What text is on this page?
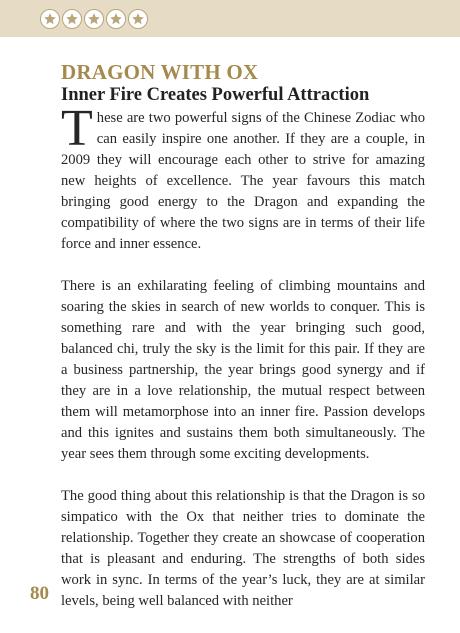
DRAGON WITH OX
Inner Fire Creates Powerful Attraction

These are two powerful signs of the Chinese Zodiac who can easily inspire one another. If they are a couple, in 2009 they will encourage each other to strive for amazing new heights of excellence. The year favours this match bringing good energy to the Dragon and expanding the compatibility of where the two signs are in terms of their life force and inner essence.

There is an exhilarating feeling of climbing mountains and soaring the skies in search of new worlds to conquer. This is something rare and with the year bringing such good, balanced chi, truly the sky is the limit for this pair. If they are a business partnership, the year brings good synergy and if they are in a love relationship, the mutual respect between them will metamorphose into an inner fire. Passion develops and this ignites and sustains them both simultaneously. The year sees them through some exciting developments.

The good thing about this relationship is that the Dragon is so simpatico with the Ox that neither tries to dominate the relationship. Together they create an showcase of cooperation that is pleasant and enduring. The strengths of both sides work in sync. In terms of the year’s luck, they are at similar levels, being well balanced with neither

80
